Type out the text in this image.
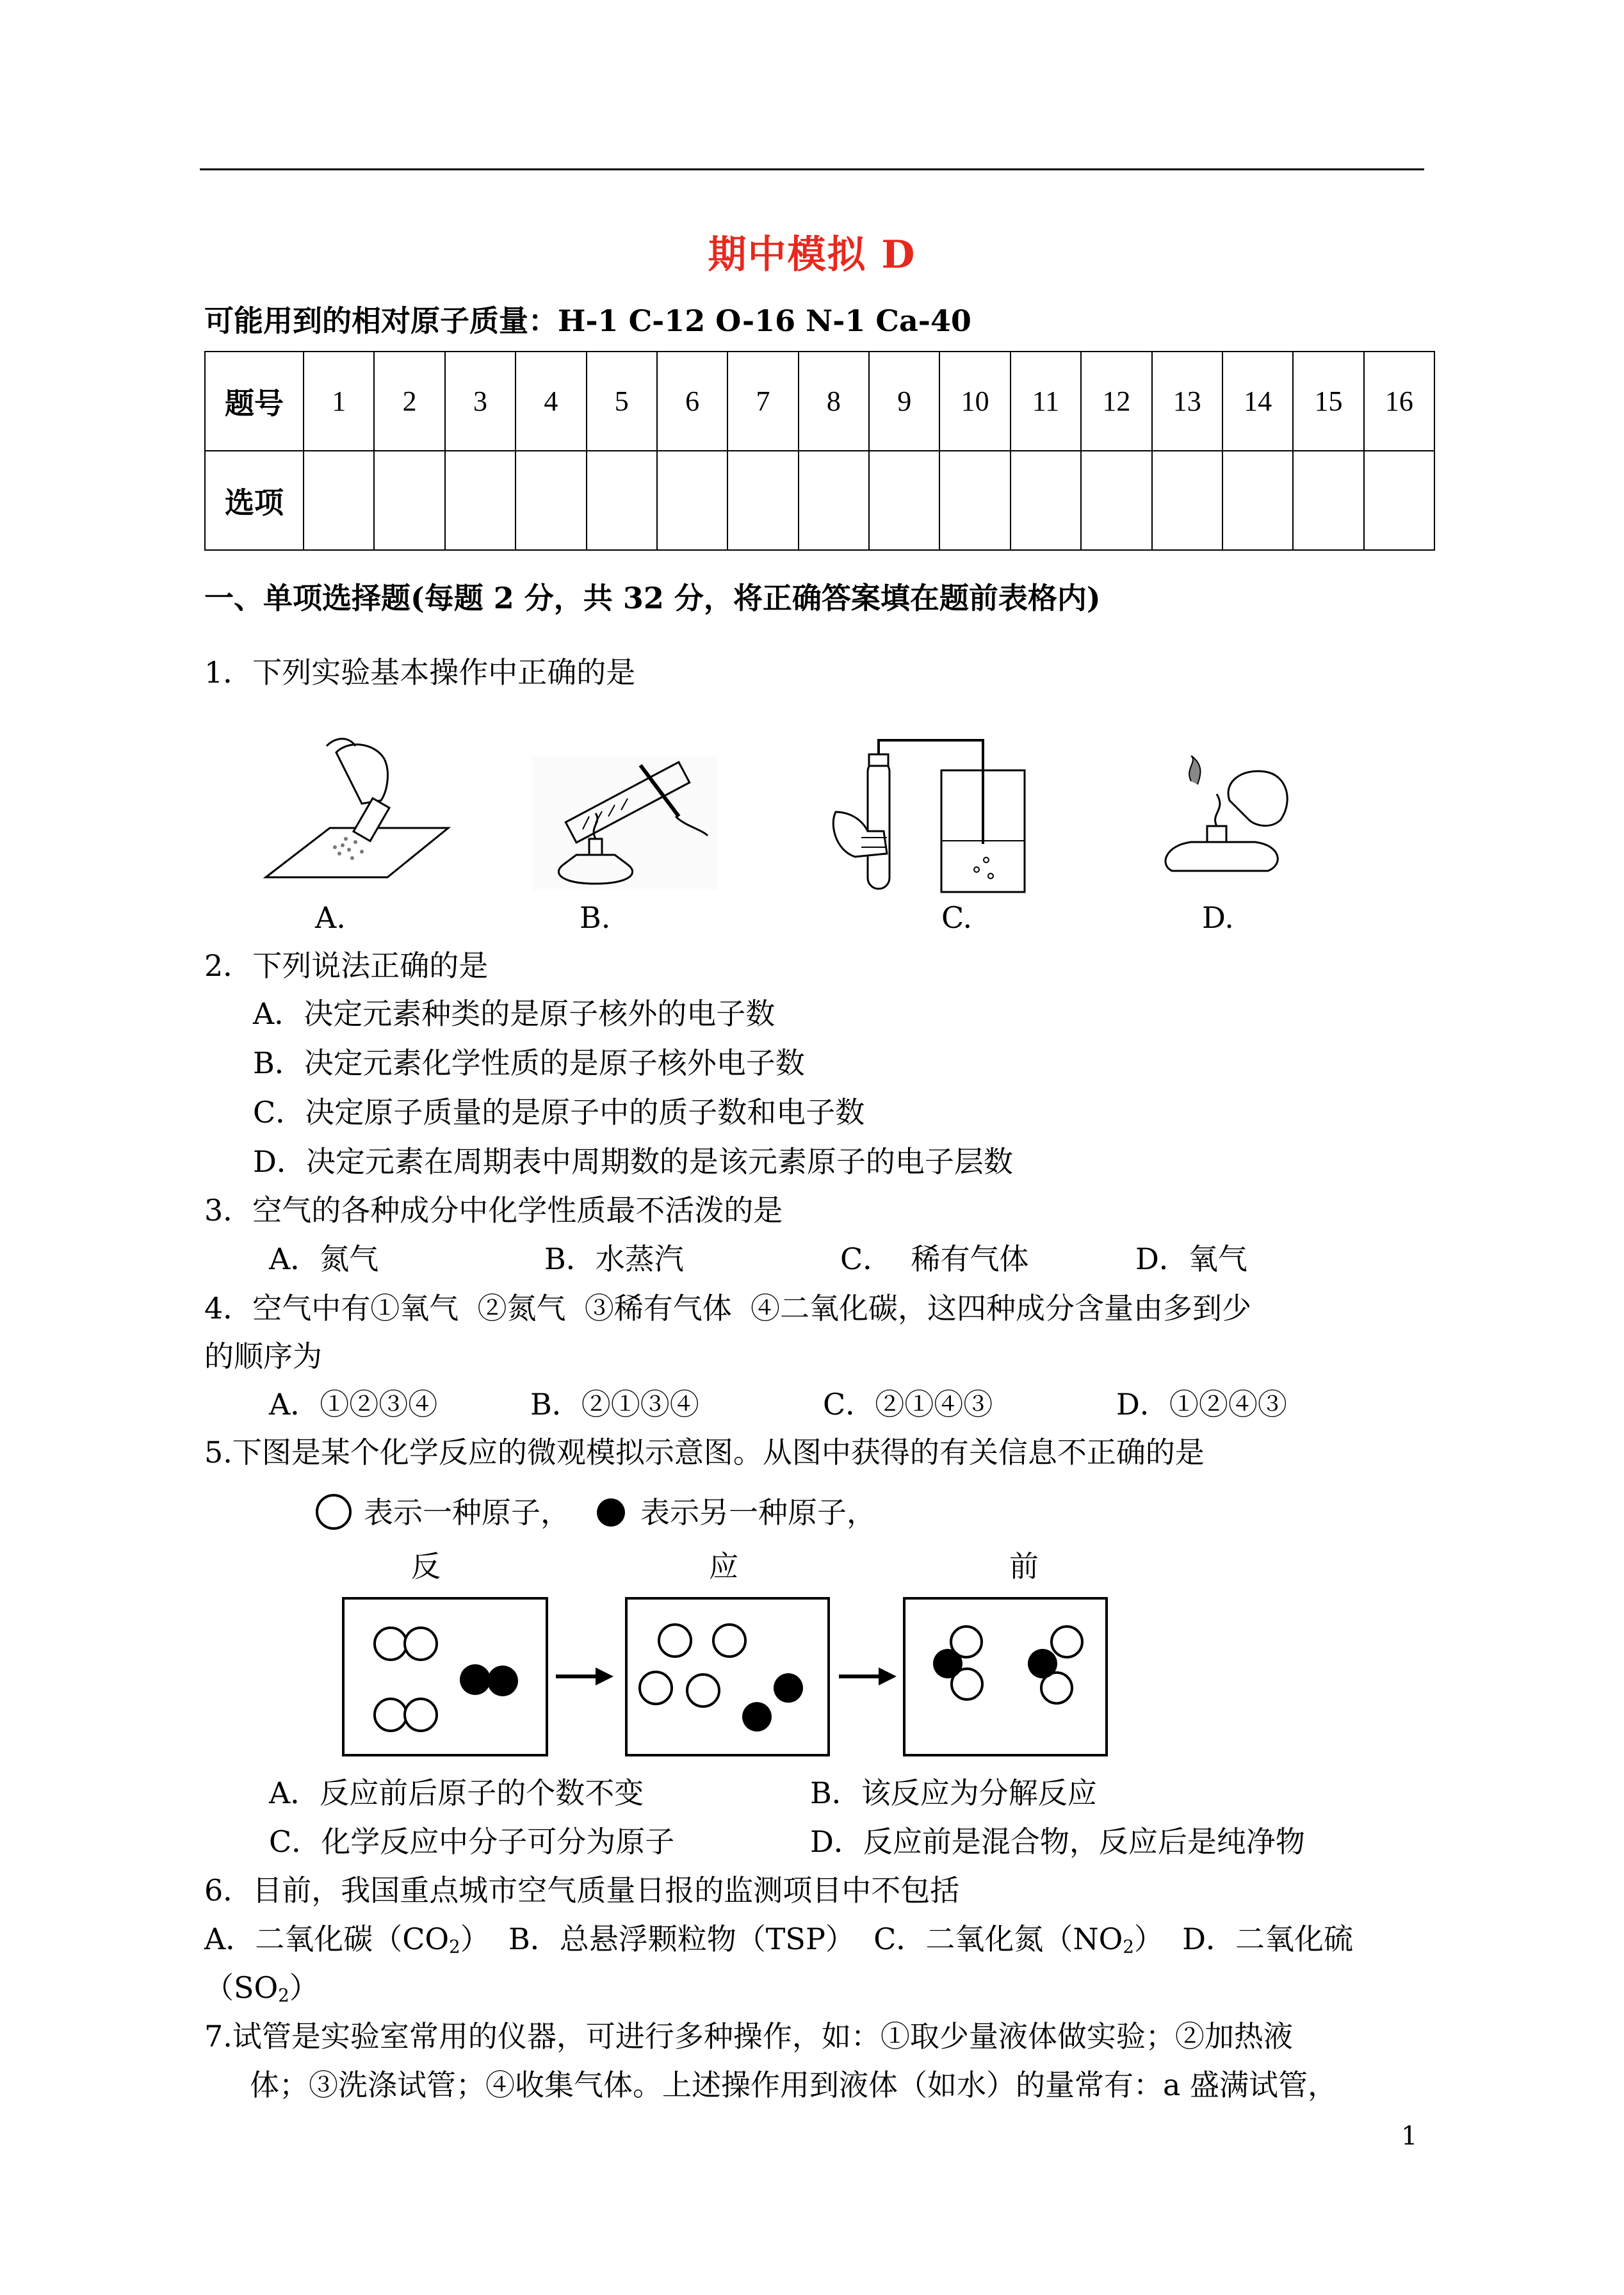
期中模拟 D
可能用到的相对原子质量：H-1 C-12 O-16 N-1 Ca-40
题号	1	2	3	4	5	6	7	8	9	10	11	12	13	14	15	16
选项																
一、单项选择题(每题 2 分，共 32 分，将正确答案填在题前表格内)
1．下列实验基本操作中正确的是
A.	B.	C.	D.
2．下列说法正确的是
A．决定元素种类的是原子核外的电子数
B．决定元素化学性质的是原子核外电子数
C．决定原子质量的是原子中的质子数和电子数
D．决定元素在周期表中周期数的是该元素原子的电子层数
3．空气的各种成分中化学性质最不活泼的是
A．氮气	B．水蒸汽	C．  稀有气体	D．氧气
4．空气中有①氧气  ②氮气  ③稀有气体  ④二氧化碳，这四种成分含量由多到少
的顺序为
A．①②③④	B．②①③④	C．②①④③	D．①②④③
5.下图是某个化学反应的微观模拟示意图。从图中获得的有关信息不正确的是
表示一种原子， 表示另一种原子，
反	应	前
A．反应前后原子的个数不变	B．该反应为分解反应
C．化学反应中分子可分为原子	D．反应前是混合物，反应后是纯净物
6．目前，我国重点城市空气质量日报的监测项目中不包括
A．二氧化碳$(CO_2)$  B．总悬浮颗粒物（TSP）  C．二氧化氮$(NO_2)$  D．二氧化硫
$(SO_2)$
7.试管是实验室常用的仪器，可进行多种操作，如：①取少量液体做实验；②加热液
体；③洗涤试管；④收集气体。上述操作用到液体（如水）的量常有：a 盛满试管，
1
